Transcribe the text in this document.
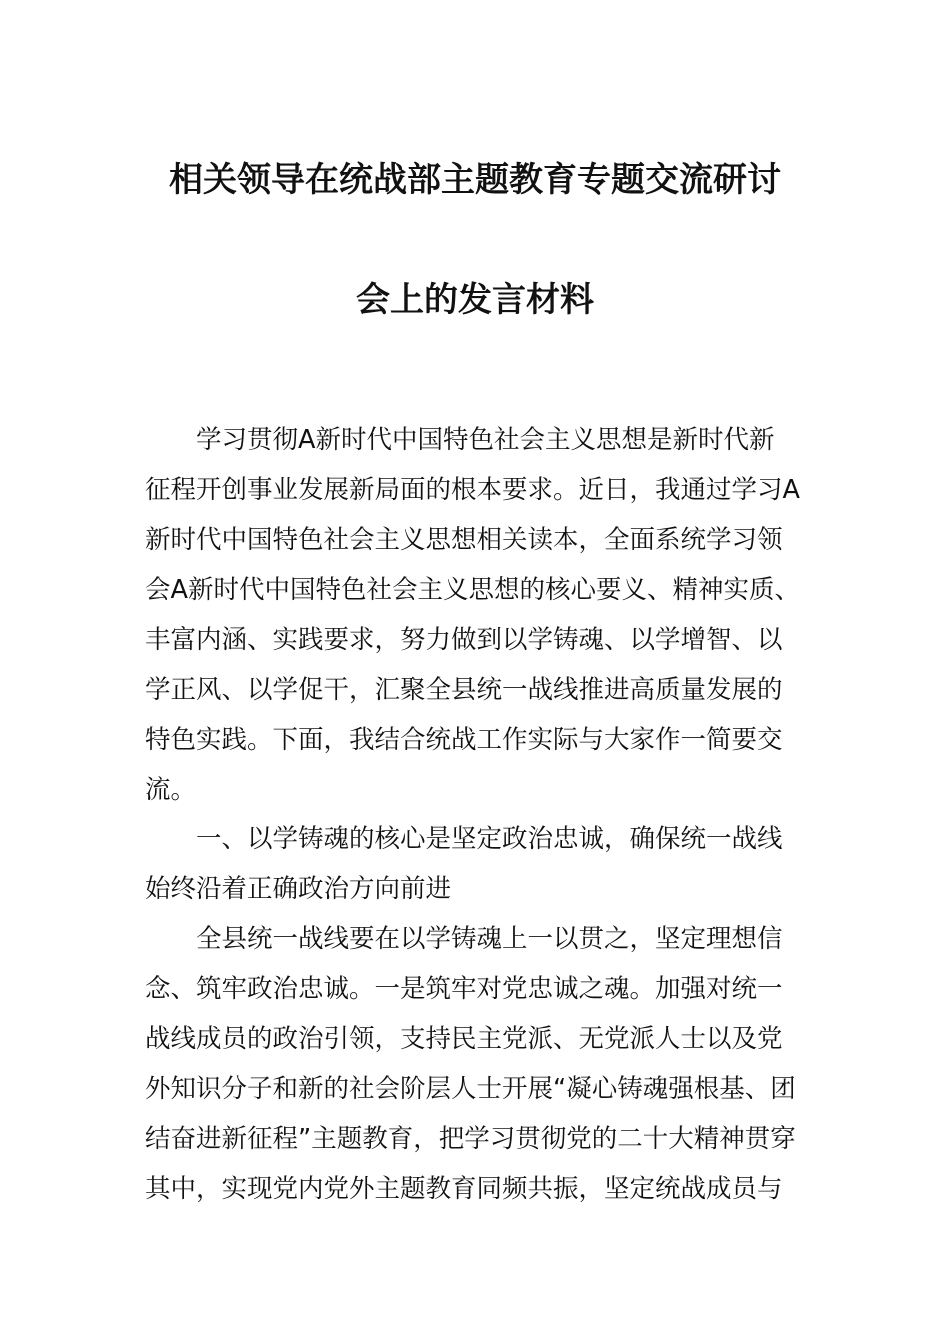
相关领导在统战部主题教育专题交流研讨
会上的发言材料
学习贯彻A新时代中国特色社会主义思想是新时代新
征程开创事业发展新局面的根本要求。近日，我通过学习A
新时代中国特色社会主义思想相关读本，全面系统学习领
会A新时代中国特色社会主义思想的核心要义、精神实质、
丰富内涵、实践要求，努力做到以学铸魂、以学增智、以
学正风、以学促干，汇聚全县统一战线推进高质量发展的
特色实践。下面，我结合统战工作实际与大家作一简要交
流。
一、以学铸魂的核心是坚定政治忠诚，确保统一战线
始终沿着正确政治方向前进
全县统一战线要在以学铸魂上一以贯之，坚定理想信
念、筑牢政治忠诚。一是筑牢对党忠诚之魂。加强对统一
战线成员的政治引领，支持民主党派、无党派人士以及党
外知识分子和新的社会阶层人士开展“凝心铸魂强根基、团
结奋进新征程”主题教育，把学习贯彻党的二十大精神贯穿
其中，实现党内党外主题教育同频共振，坚定统战成员与
